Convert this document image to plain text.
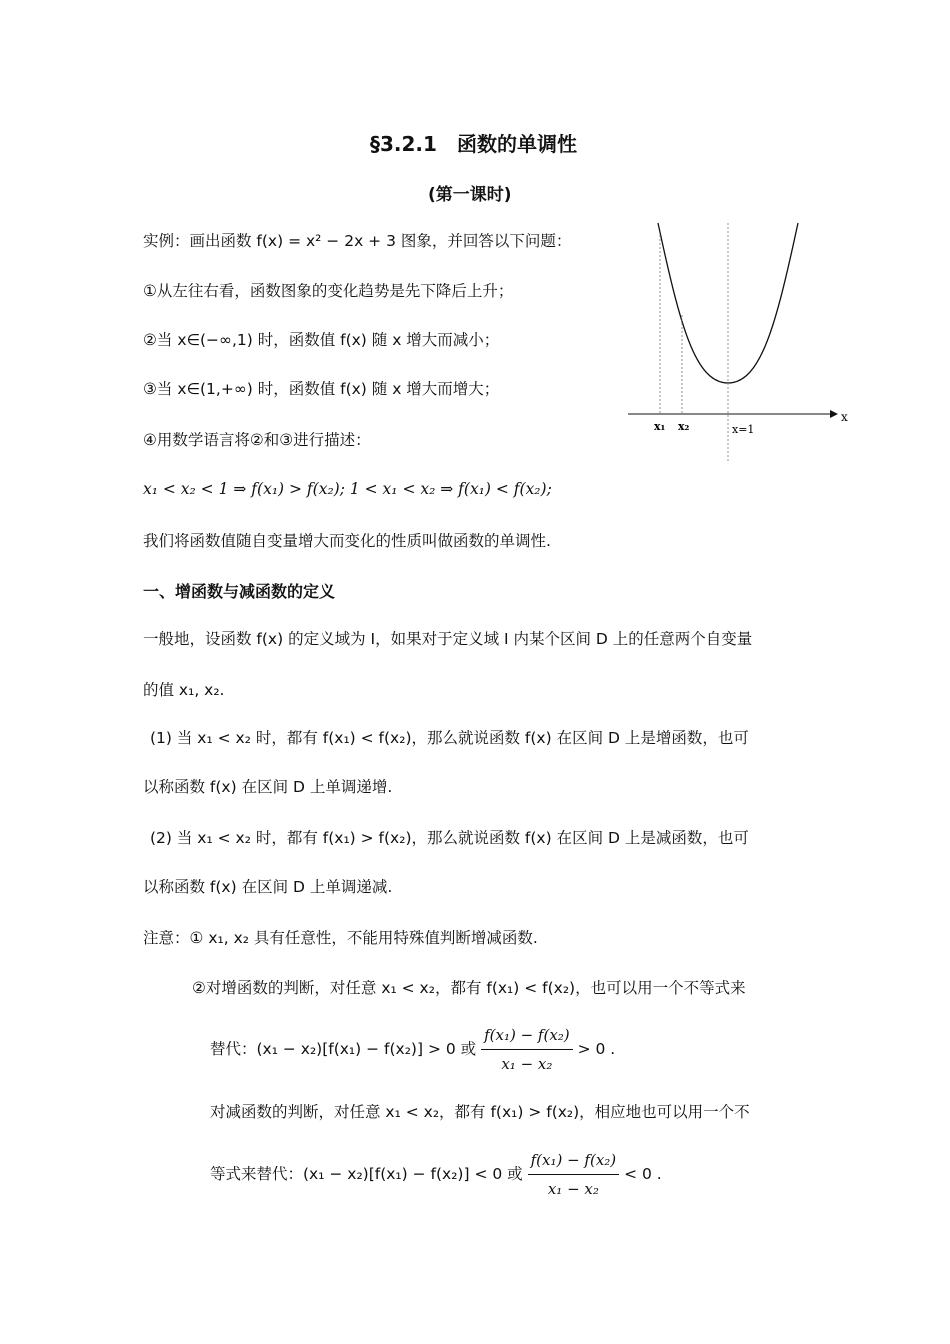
§3.2.1　函数的单调性
(第一课时)
实例：画出函数 f(x) = x² − 2x + 3 图象，并回答以下问题：
①从左往右看，函数图象的变化趋势是先下降后上升；
②当 x∈(−∞,1) 时，函数值 f(x) 随 x 增大而减小；
③当 x∈(1,+∞) 时，函数值 f(x) 随 x 增大而增大；
④用数学语言将②和③进行描述：
x₁ < x₂ < 1 ⇒ f(x₁) > f(x₂); 1 < x₁ < x₂ ⇒ f(x₁) < f(x₂);
我们将函数值随自变量增大而变化的性质叫做函数的单调性.
x₁ x₂	x=1
x
一、增函数与减函数的定义
一般地，设函数 f(x) 的定义域为 I，如果对于定义域 I 内某个区间 D 上的任意两个自变量
的值 x₁, x₂.
(1) 当 x₁ < x₂ 时，都有 f(x₁) < f(x₂)，那么就说函数 f(x) 在区间 D 上是增函数，也可
以称函数 f(x) 在区间 D 上单调递增.
(2) 当 x₁ < x₂ 时，都有 f(x₁) > f(x₂)，那么就说函数 f(x) 在区间 D 上是减函数，也可
以称函数 f(x) 在区间 D 上单调递减.
注意：① x₁, x₂ 具有任意性，不能用特殊值判断增减函数.
②对增函数的判断，对任意 x₁ < x₂，都有 f(x₁) < f(x₂)，也可以用一个不等式来
替代：(x₁ − x₂)[f(x₁) − f(x₂)] > 0 或 $\frac{\text{f(x₁) − f(x₂)}}{\text{x₁ − x₂}} > 0$ .
对减函数的判断，对任意 x₁ < x₂，都有 f(x₁) > f(x₂)，相应地也可以用一个不
等式来替代：(x₁ − x₂)[f(x₁) − f(x₂)] < 0 或 $\frac{\text{f(x₁) − f(x₂)}}{\text{x₁ − x₂}} < 0$ .
